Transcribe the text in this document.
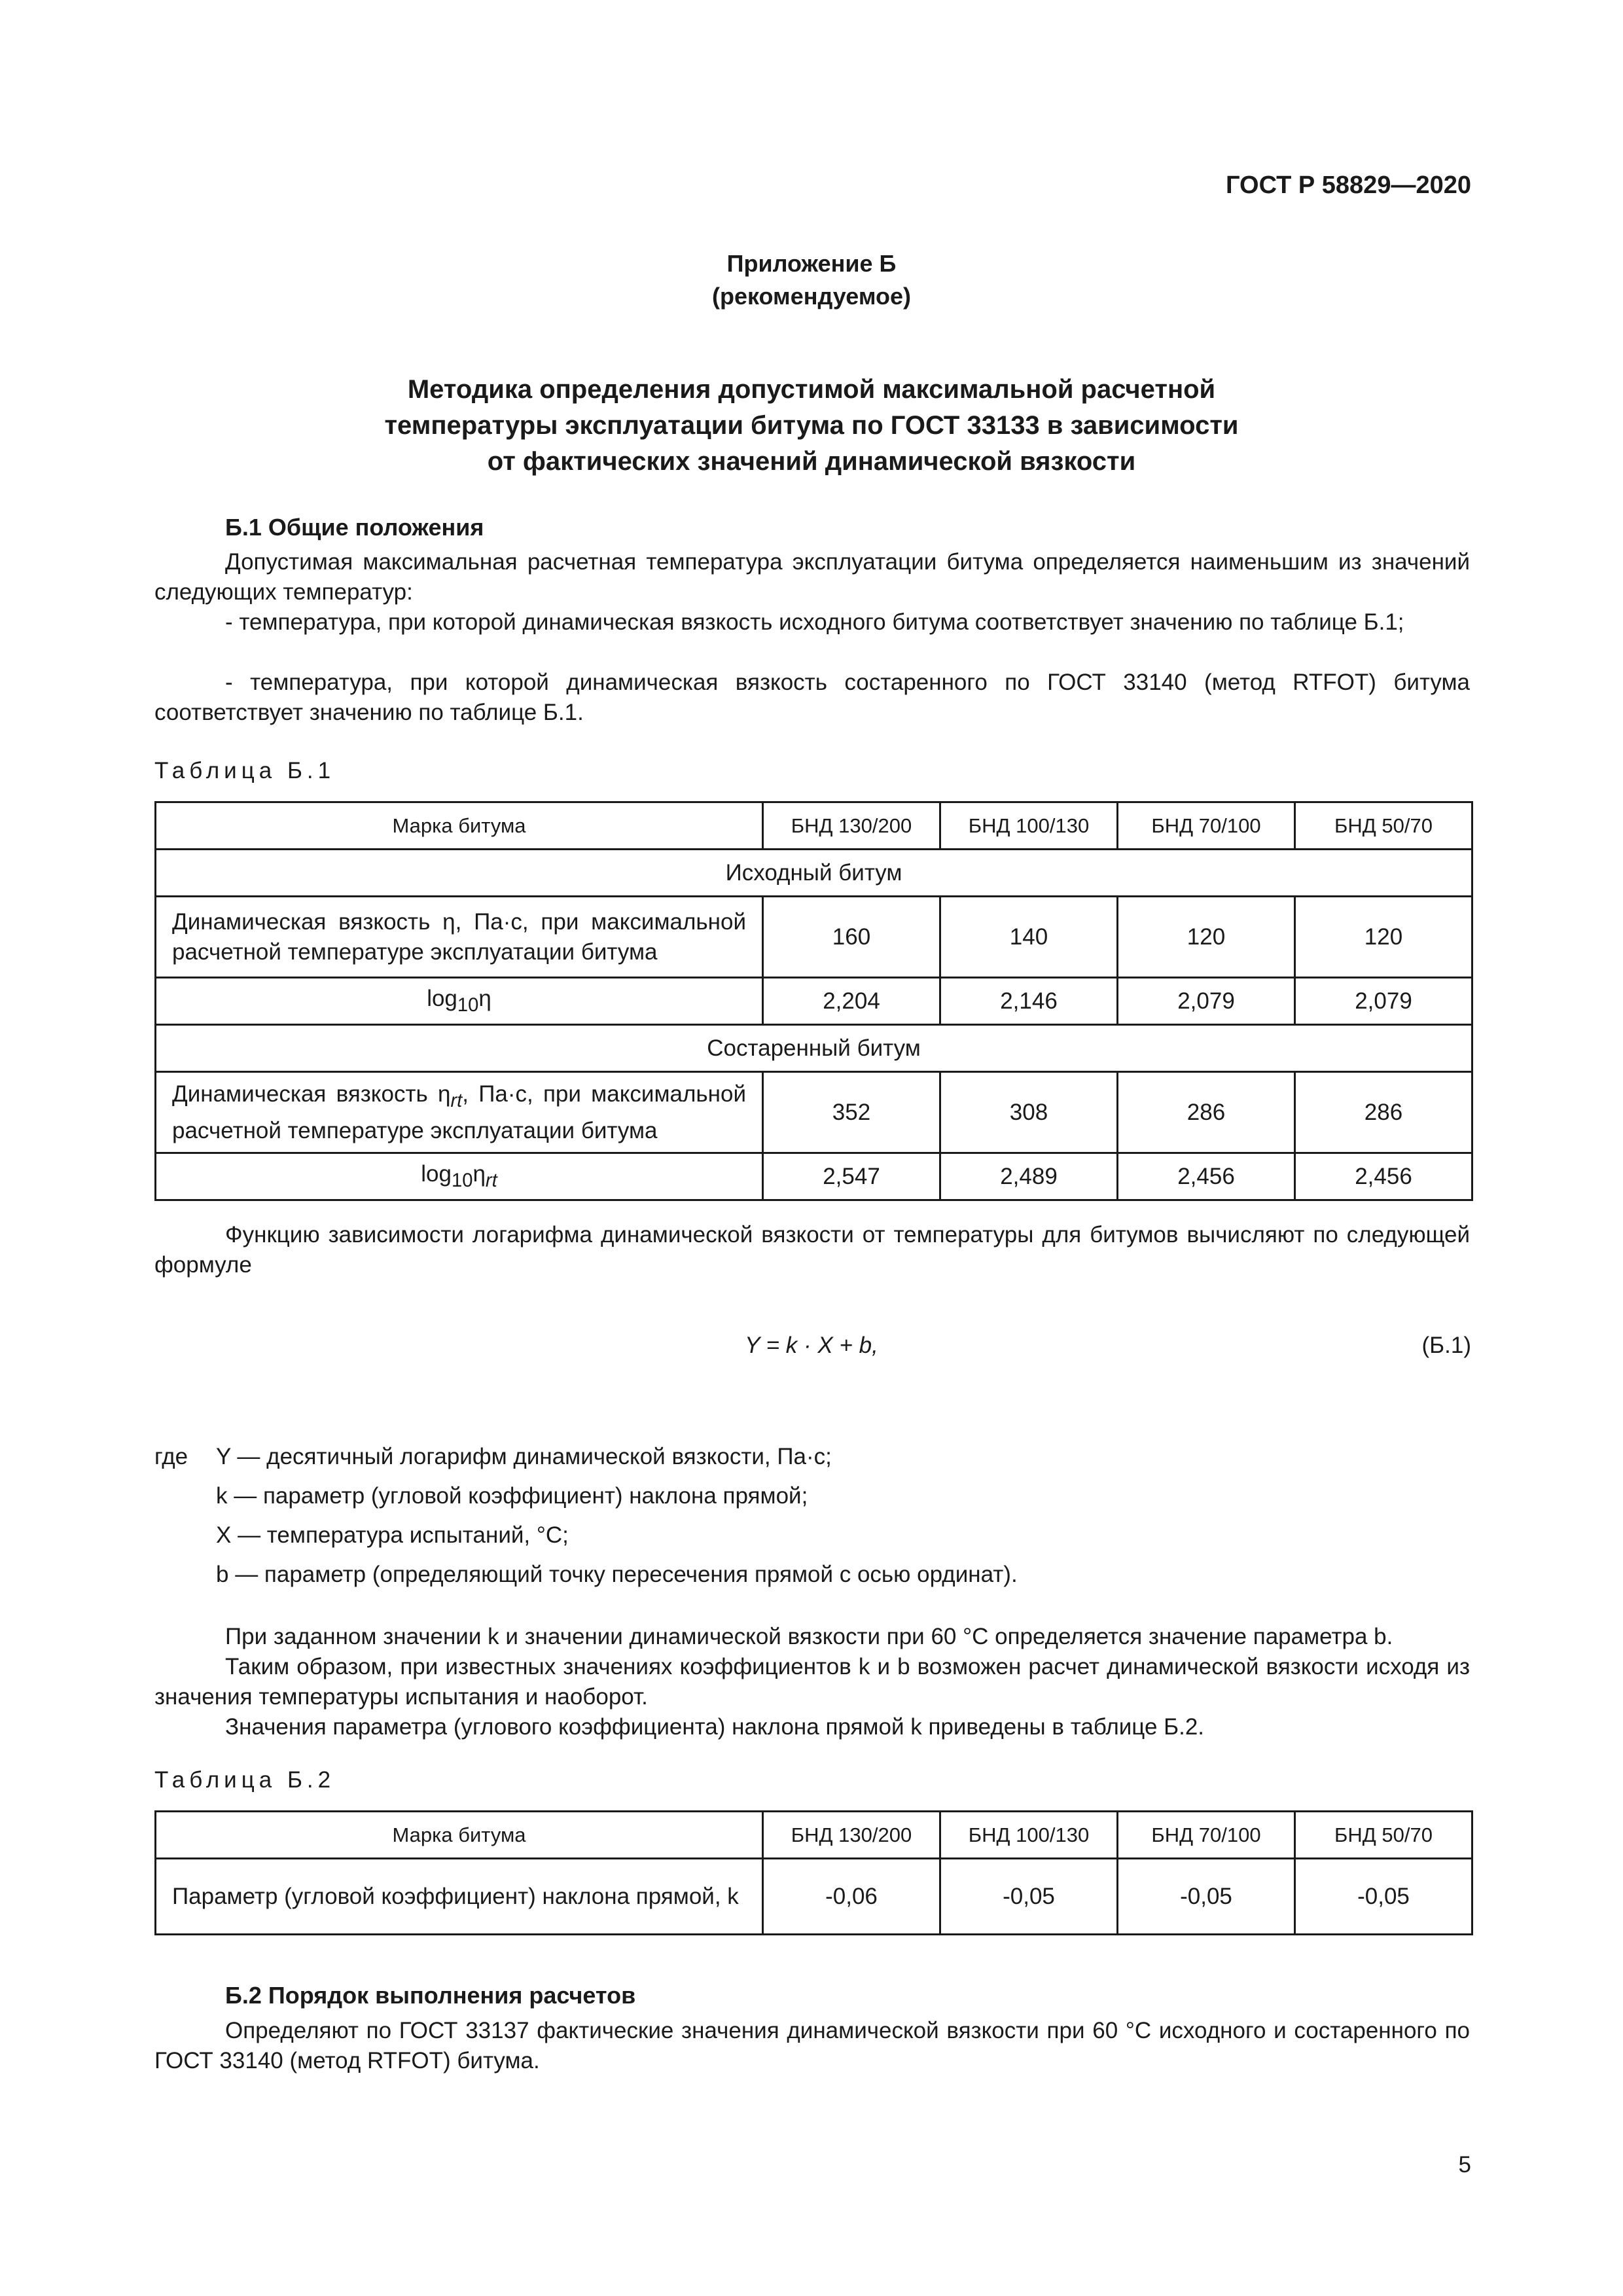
ГОСТ Р 58829—2020
Приложение Б
(рекомендуемое)
Методика определения допустимой максимальной расчетной
температуры эксплуатации битума по ГОСТ 33133 в зависимости
от фактических значений динамической вязкости
Б.1 Общие положения
Допустимая максимальная расчетная температура эксплуатации битума определяется наименьшим из значений следующих температур:
- температура, при которой динамическая вязкость исходного битума соответствует значению по таблице Б.1;
- температура, при которой динамическая вязкость состаренного по ГОСТ 33140 (метод RTFOT) битума соответствует значению по таблице Б.1.
Таблица Б.1
Марка битума	БНД 130/200	БНД 100/130	БНД 70/100	БНД 50/70
Исходный битум				
Динамическая вязкость η, Па·с, при максимальной расчетной температуре эксплуатации битума	160	140	120	120
$\log_{10}\eta$	2,204	2,146	2,079	2,079
Состаренный битум				
Динамическая вязкость $\eta_{rt}$, Па·с, при максимальной расчетной температуре эксплуатации битума	352	308	286	286
$\log_{10}\eta_{rt}$	2,547	2,489	2,456	2,456
Функцию зависимости логарифма динамической вязкости от температуры для битумов вычисляют по следующей формуле
Y = k · X + b,	(Б.1)
где Y — десятичный логарифм динамической вязкости, Па·с;
k — параметр (угловой коэффициент) наклона прямой;
X — температура испытаний, °С;
b — параметр (определяющий точку пересечения прямой с осью ординат).
При заданном значении k и значении динамической вязкости при 60 °С определяется значение параметра b.
Таким образом, при известных значениях коэффициентов k и b возможен расчет динамической вязкости исходя из значения температуры испытания и наоборот.
Значения параметра (углового коэффициента) наклона прямой k приведены в таблице Б.2.
Таблица Б.2
Марка битума	БНД 130/200	БНД 100/130	БНД 70/100	БНД 50/70
Параметр (угловой коэффициент) наклона прямой, k	-0,06	-0,05	-0,05	-0,05
Б.2 Порядок выполнения расчетов
Определяют по ГОСТ 33137 фактические значения динамической вязкости при 60 °С исходного и состаренного по ГОСТ 33140 (метод RTFOT) битума.
5
